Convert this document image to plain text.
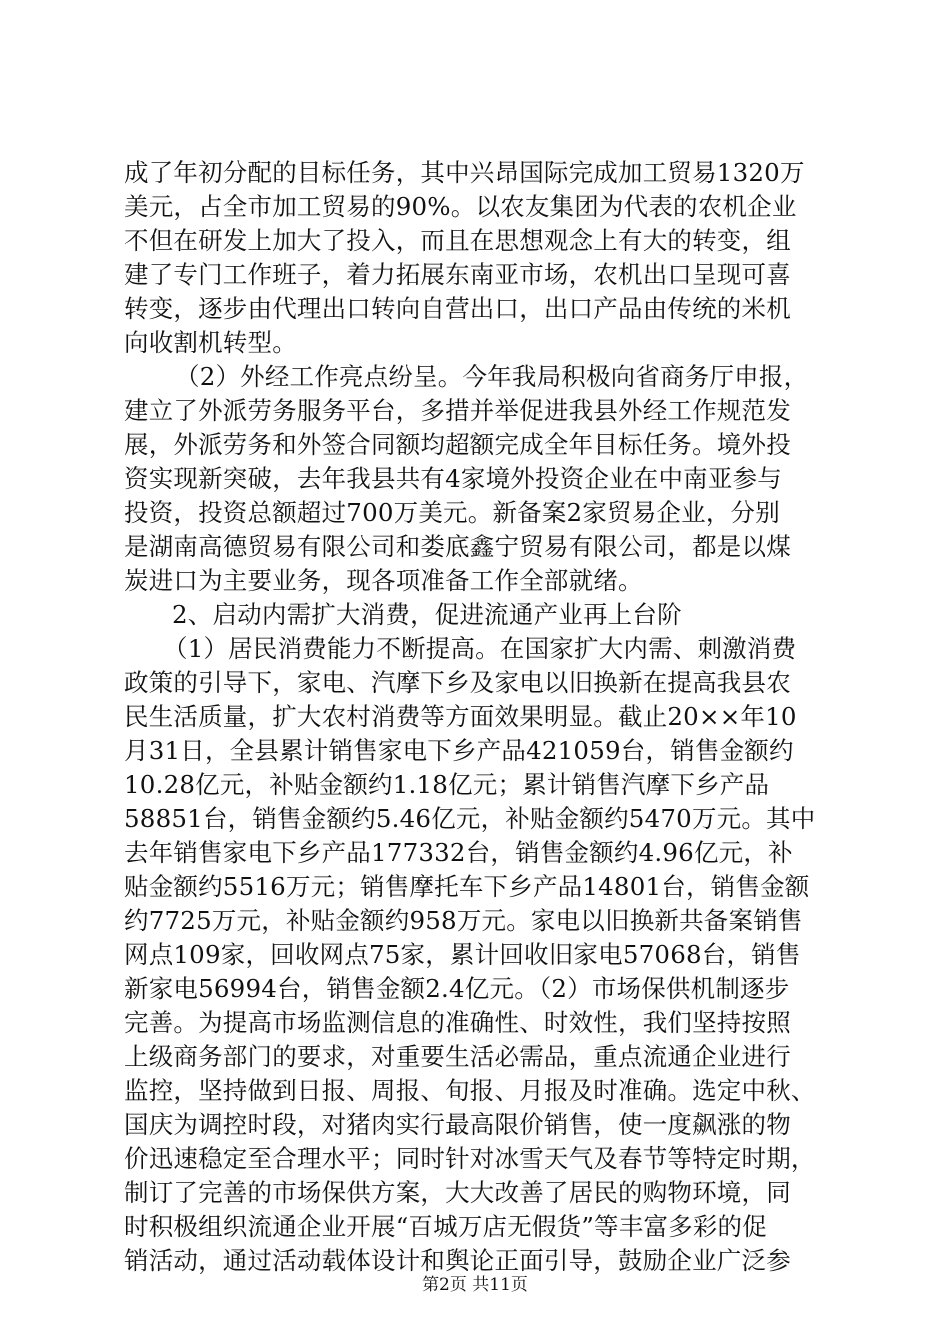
成了年初分配的目标任务，其中兴昂国际完成加工贸易1320万
美元，占全市加工贸易的90%。以农友集团为代表的农机企业
不但在研发上加大了投入，而且在思想观念上有大的转变，组
建了专门工作班子，着力拓展东南亚市场，农机出口呈现可喜
转变，逐步由代理出口转向自营出口，出口产品由传统的米机
向收割机转型。
（2）外经工作亮点纷呈。今年我局积极向省商务厅申报，
建立了外派劳务服务平台，多措并举促进我县外经工作规范发
展，外派劳务和外签合同额均超额完成全年目标任务。境外投
资实现新突破，去年我县共有4家境外投资企业在中南亚参与
投资，投资总额超过700万美元。新备案2家贸易企业，分别
是湖南高德贸易有限公司和娄底鑫宁贸易有限公司，都是以煤
炭进口为主要业务，现各项准备工作全部就绪。
2、启动内需扩大消费，促进流通产业再上台阶
（1）居民消费能力不断提高。在国家扩大内需、刺激消费
政策的引导下，家电、汽摩下乡及家电以旧换新在提高我县农
民生活质量，扩大农村消费等方面效果明显。截止20××年10
月31日，全县累计销售家电下乡产品421059台，销售金额约
10.28亿元，补贴金额约1.18亿元；累计销售汽摩下乡产品
58851台，销售金额约5.46亿元，补贴金额约5470万元。其中
去年销售家电下乡产品177332台，销售金额约4.96亿元，补
贴金额约5516万元；销售摩托车下乡产品14801台，销售金额
约7725万元，补贴金额约958万元。家电以旧换新共备案销售
网点109家，回收网点75家，累计回收旧家电57068台，销售
新家电56994台，销售金额2.4亿元。（2）市场保供机制逐步
完善。为提高市场监测信息的准确性、时效性，我们坚持按照
上级商务部门的要求，对重要生活必需品，重点流通企业进行
监控，坚持做到日报、周报、旬报、月报及时准确。选定中秋、
国庆为调控时段，对猪肉实行最高限价销售，使一度飙涨的物
价迅速稳定至合理水平；同时针对冰雪天气及春节等特定时期，
制订了完善的市场保供方案，大大改善了居民的购物环境，同
时积极组织流通企业开展“百城万店无假货”等丰富多彩的促
销活动，通过活动载体设计和舆论正面引导，鼓励企业广泛参
第2页 共11页
